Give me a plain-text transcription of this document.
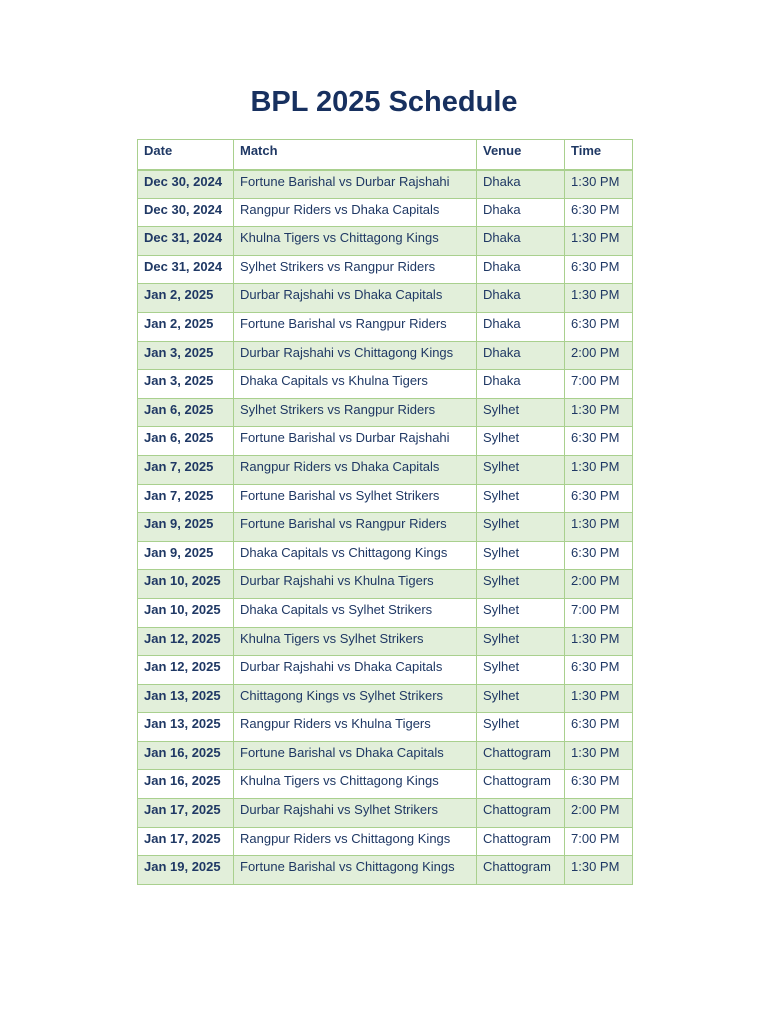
BPL 2025 Schedule
Date	Match	Venue	Time
Dec 30, 2024	Fortune Barishal vs Durbar Rajshahi	Dhaka	1:30 PM
Dec 30, 2024	Rangpur Riders vs Dhaka Capitals	Dhaka	6:30 PM
Dec 31, 2024	Khulna Tigers vs Chittagong Kings	Dhaka	1:30 PM
Dec 31, 2024	Sylhet Strikers vs Rangpur Riders	Dhaka	6:30 PM
Jan 2, 2025	Durbar Rajshahi vs Dhaka Capitals	Dhaka	1:30 PM
Jan 2, 2025	Fortune Barishal vs Rangpur Riders	Dhaka	6:30 PM
Jan 3, 2025	Durbar Rajshahi vs Chittagong Kings	Dhaka	2:00 PM
Jan 3, 2025	Dhaka Capitals vs Khulna Tigers	Dhaka	7:00 PM
Jan 6, 2025	Sylhet Strikers vs Rangpur Riders	Sylhet	1:30 PM
Jan 6, 2025	Fortune Barishal vs Durbar Rajshahi	Sylhet	6:30 PM
Jan 7, 2025	Rangpur Riders vs Dhaka Capitals	Sylhet	1:30 PM
Jan 7, 2025	Fortune Barishal vs Sylhet Strikers	Sylhet	6:30 PM
Jan 9, 2025	Fortune Barishal vs Rangpur Riders	Sylhet	1:30 PM
Jan 9, 2025	Dhaka Capitals vs Chittagong Kings	Sylhet	6:30 PM
Jan 10, 2025	Durbar Rajshahi vs Khulna Tigers	Sylhet	2:00 PM
Jan 10, 2025	Dhaka Capitals vs Sylhet Strikers	Sylhet	7:00 PM
Jan 12, 2025	Khulna Tigers vs Sylhet Strikers	Sylhet	1:30 PM
Jan 12, 2025	Durbar Rajshahi vs Dhaka Capitals	Sylhet	6:30 PM
Jan 13, 2025	Chittagong Kings vs Sylhet Strikers	Sylhet	1:30 PM
Jan 13, 2025	Rangpur Riders vs Khulna Tigers	Sylhet	6:30 PM
Jan 16, 2025	Fortune Barishal vs Dhaka Capitals	Chattogram	1:30 PM
Jan 16, 2025	Khulna Tigers vs Chittagong Kings	Chattogram	6:30 PM
Jan 17, 2025	Durbar Rajshahi vs Sylhet Strikers	Chattogram	2:00 PM
Jan 17, 2025	Rangpur Riders vs Chittagong Kings	Chattogram	7:00 PM
Jan 19, 2025	Fortune Barishal vs Chittagong Kings	Chattogram	1:30 PM
